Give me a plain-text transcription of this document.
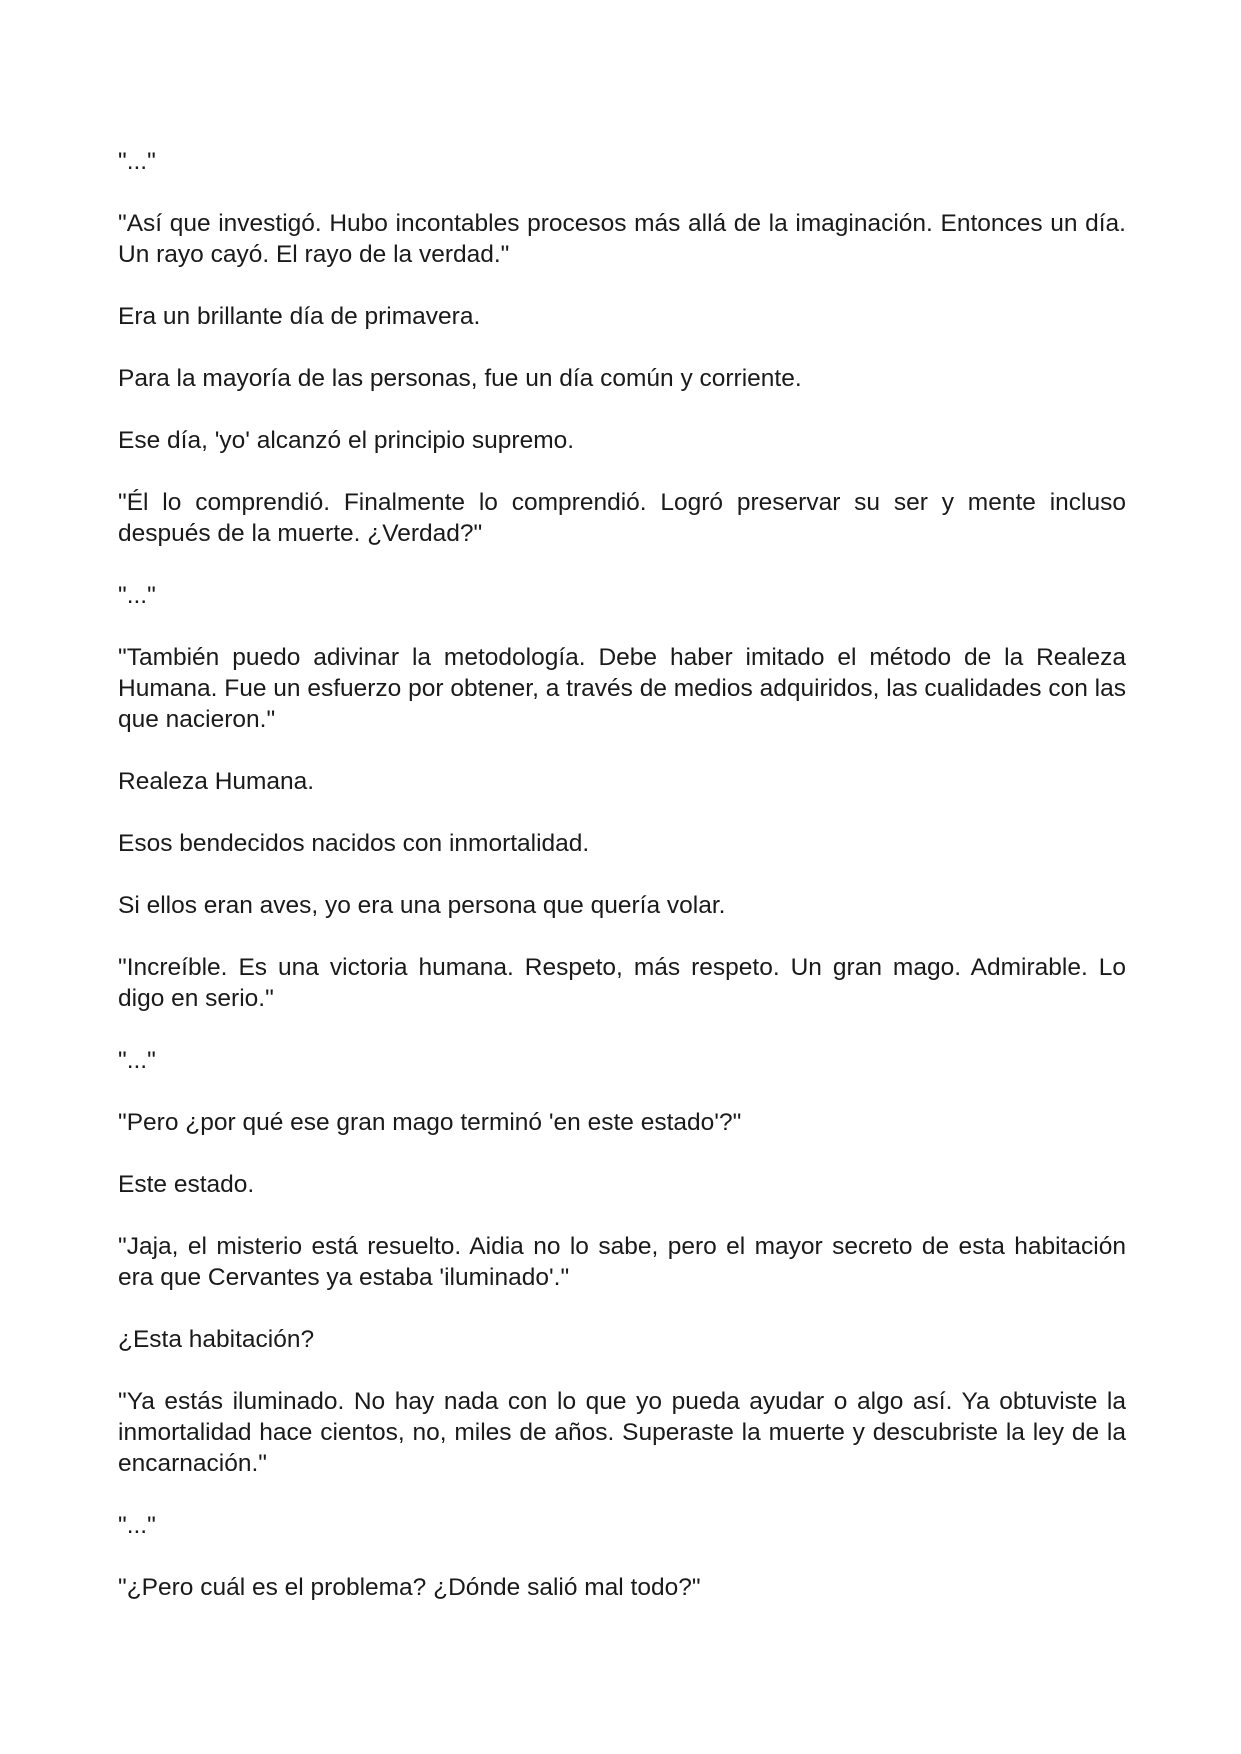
"..."

"Así que investigó. Hubo incontables procesos más allá de la imaginación. Entonces un día. Un rayo cayó. El rayo de la verdad."

Era un brillante día de primavera.

Para la mayoría de las personas, fue un día común y corriente.

Ese día, 'yo' alcanzó el principio supremo.

"Él lo comprendió. Finalmente lo comprendió. Logró preservar su ser y mente incluso después de la muerte. ¿Verdad?"

"..."

"También puedo adivinar la metodología. Debe haber imitado el método de la Realeza Humana. Fue un esfuerzo por obtener, a través de medios adquiridos, las cualidades con las que nacieron."

Realeza Humana.

Esos bendecidos nacidos con inmortalidad.

Si ellos eran aves, yo era una persona que quería volar.

"Increíble. Es una victoria humana. Respeto, más respeto. Un gran mago. Admirable. Lo digo en serio."

"..."

"Pero ¿por qué ese gran mago terminó 'en este estado'?"

Este estado.

"Jaja, el misterio está resuelto. Aidia no lo sabe, pero el mayor secreto de esta habitación era que Cervantes ya estaba 'iluminado'."

¿Esta habitación?

"Ya estás iluminado. No hay nada con lo que yo pueda ayudar o algo así. Ya obtuviste la inmortalidad hace cientos, no, miles de años. Superaste la muerte y descubriste la ley de la encarnación."

"..."

"¿Pero cuál es el problema? ¿Dónde salió mal todo?"
